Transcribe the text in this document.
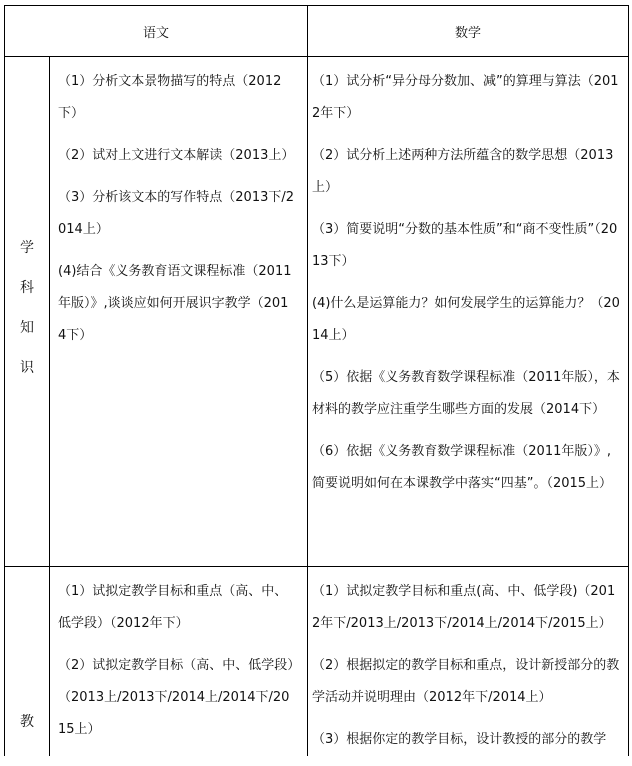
语文	数学
学
科
知
识
（1）分析文本景物描写的特点（2012下）
（2）试对上文进行文本解读（2013上）
（3）分析该文本的写作特点（2013下/2014上）
(4)结合《义务教育语文课程标准（2011年版）》,谈谈应如何开展识字教学（2014下）
（1）试分析“异分母分数加、减”的算理与算法（2012年下）
（2）试分析上述两种方法所蕴含的数学思想（2013上）
（3）简要说明“分数的基本性质”和“商不变性质”（2013下）
(4)什么是运算能力？如何发展学生的运算能力？（2014上）
（5）依据《义务教育数学课程标准（2011年版），本材料的教学应注重学生哪些方面的发展（2014下）
（6）依据《义务教育数学课程标准（2011年版）》,简要说明如何在本课教学中落实“四基”。（2015上）
教
（1）试拟定教学目标和重点（高、中、低学段）（2012年下）
（2）试拟定教学目标（高、中、低学段）（2013上/2013下/2014上/2014下/2015上）
（1）试拟定教学目标和重点(高、中、低学段)（2012年下/2013上/2013下/2014上/2014下/2015上）
（2）根据拟定的教学目标和重点，设计新授部分的教学活动并说明理由（2012年下/2014上）
（3）根据你定的教学目标，设计教授的部分的教学
